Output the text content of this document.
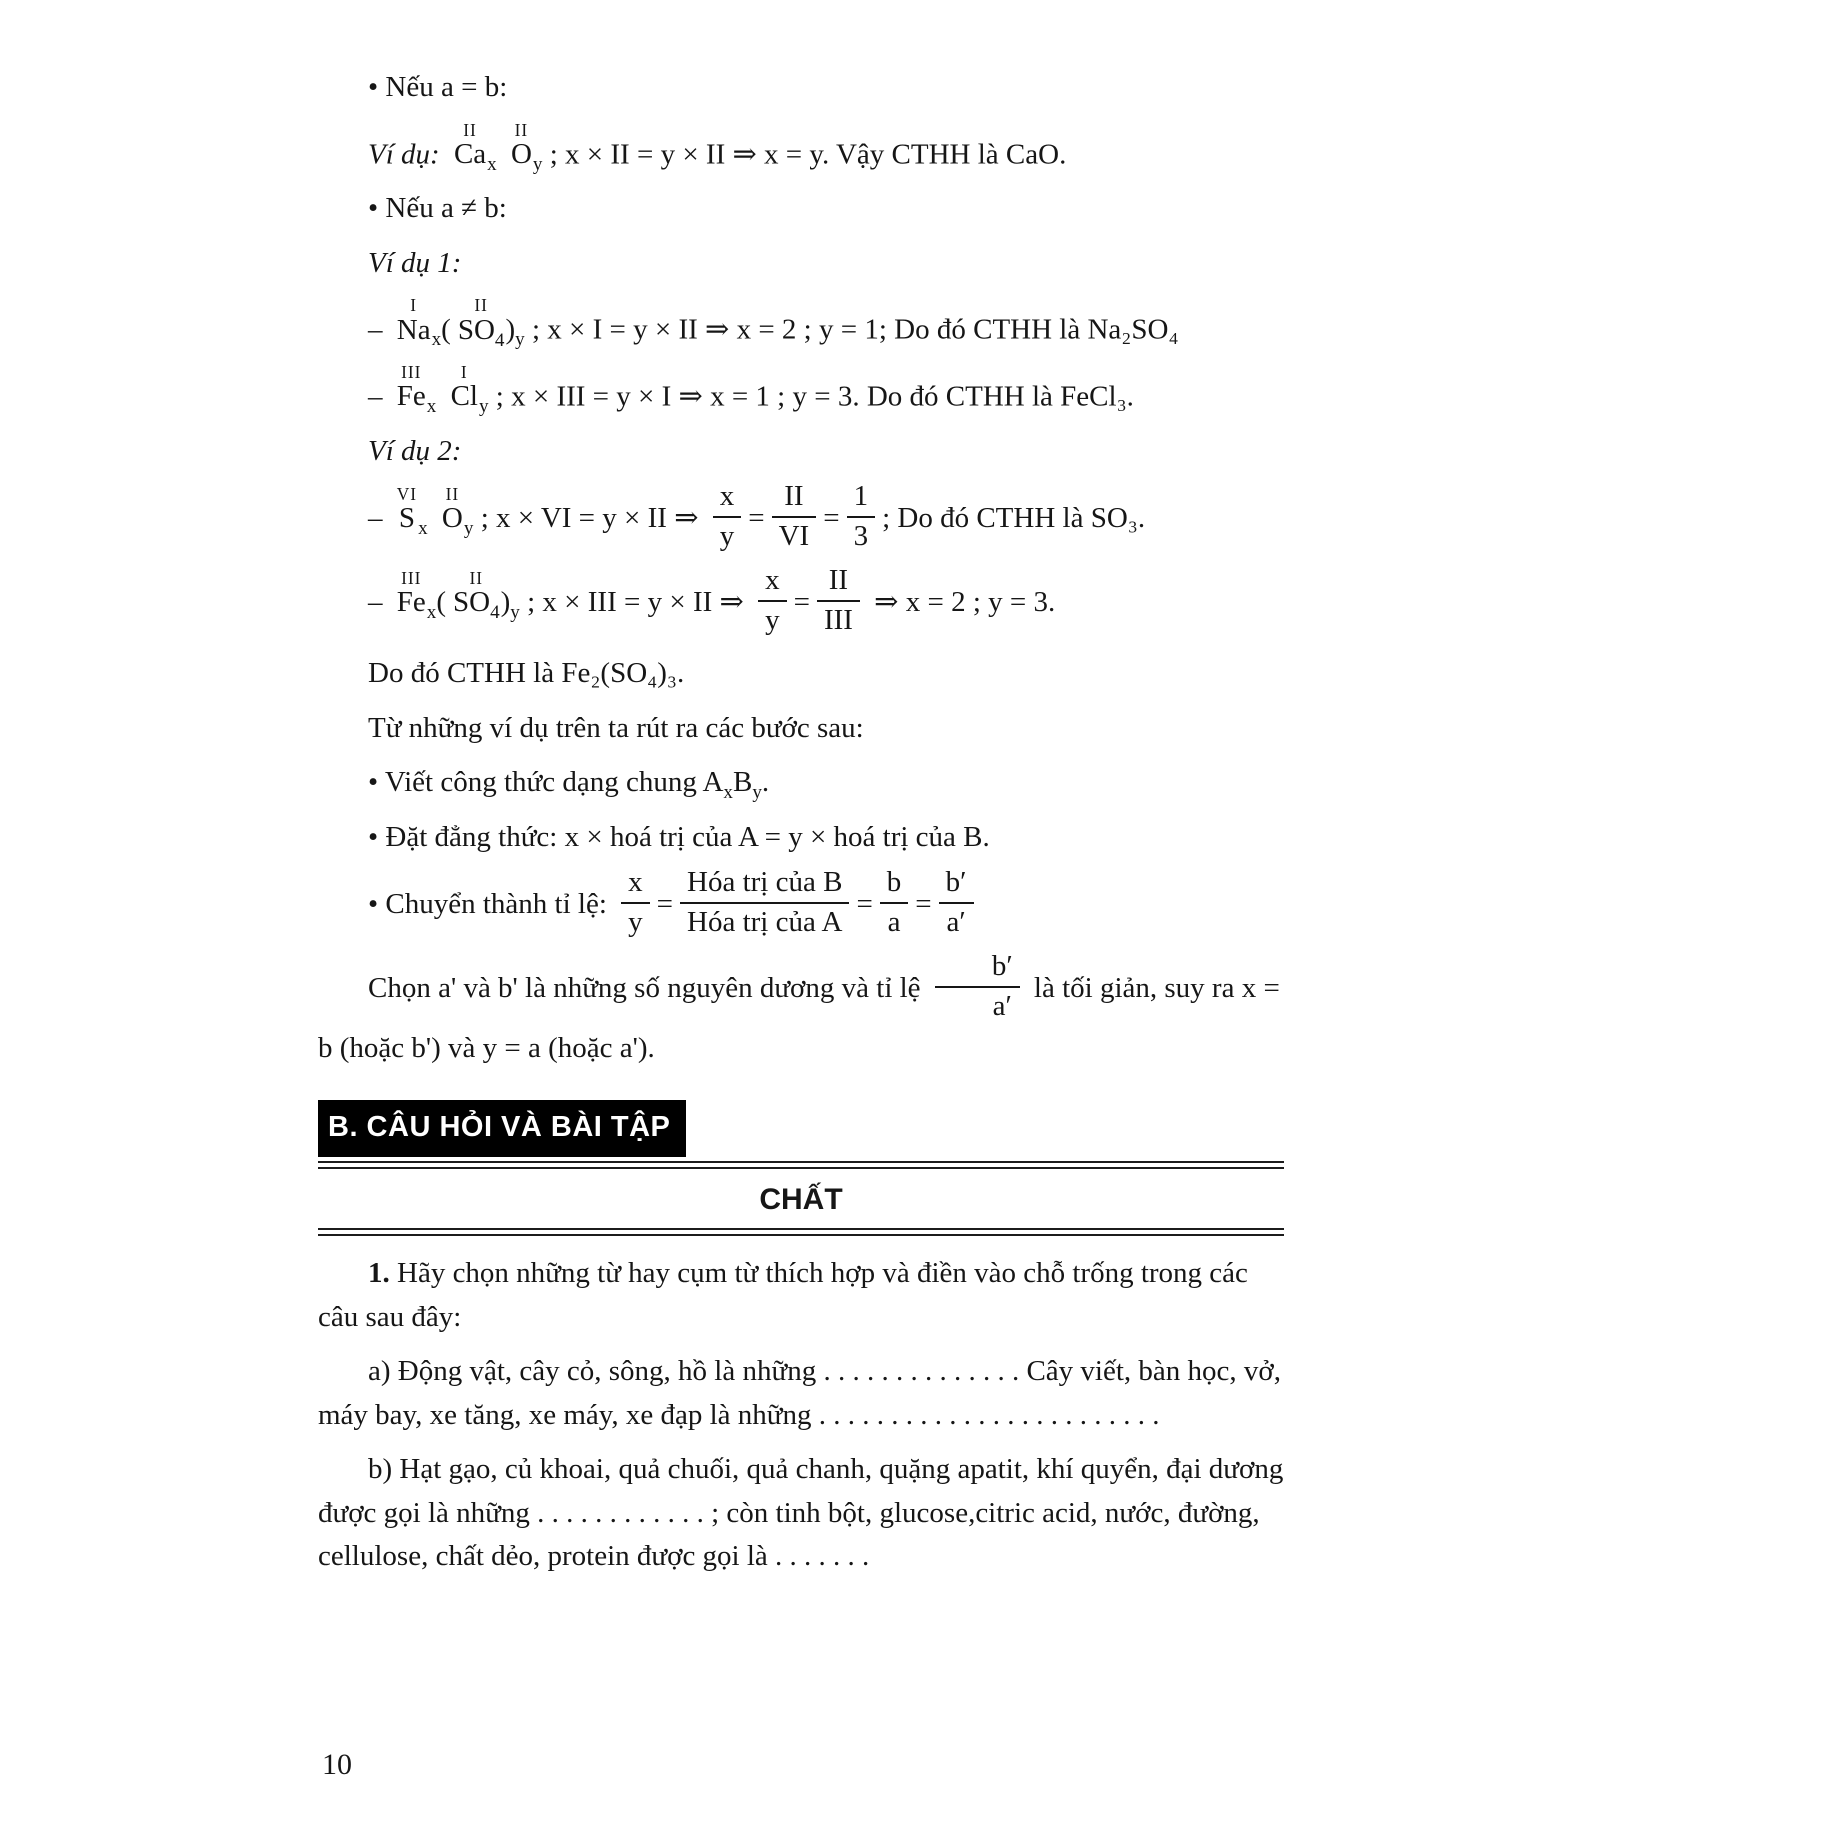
• Nếu a = b:

Ví dụ:
II
Ca $_x$
II
O $_y$ ; x × II = y × II ⇒ x = y. Vậy CTHH là CaO.

• Nếu a ≠ b:

Ví dụ 1:

–
I
Na $_x$(
II
$SO_4$ )$_y$ ; x × I = y × II ⇒ x = 2 ; y = 1; Do đó CTHH là Na₂SO₄

–
III
Fe $_x$
I
Cl $_y$ ; x × III = y × I ⇒ x = 1 ; y = 3. Do đó CTHH là FeCl₃.

Ví dụ 2:

–
VI
S $_x$
II
O $_y$ ; x × VI = y × II ⇒ $\frac{x}{y} = \frac{II}{VI} = \frac{1}{3}$ ; Do đó CTHH là SO₃.

–
III
Fe $_x$(
II
$SO_4$ )$_y$ ; x × III = y × II ⇒ $\frac{x}{y} = \frac{II}{\text{III}}$ ⇒ x = 2 ; y = 3.

Do đó CTHH là Fe₂(SO₄)₃.

Từ những ví dụ trên ta rút ra các bước sau:

• Viết công thức dạng chung $A_xB_y$.

• Đặt đẳng thức: x × hoá trị của A = y × hoá trị của B.

• Chuyển thành tỉ lệ: $\frac{x}{y} = \frac{\text{Hóa trị của B}}{\text{Hóa trị của A}} = \frac{b}{a} = \frac{b'}{a'}$

Chọn a' và b' là những số nguyên dương và tỉ lệ $\frac{b'}{a'}$ là tối giản, suy ra x = b (hoặc b') và y = a (hoặc a').

B. CÂU HỎI VÀ BÀI TẬP
CHẤT

1. Hãy chọn những từ hay cụm từ thích hợp và điền vào chỗ trống trong các câu sau đây:

a) Động vật, cây cỏ, sông, hồ là những . . . . . . . . . . . . . . Cây viết, bàn học, vở, máy bay, xe tăng, xe máy, xe đạp là những . . . . . . . . . . . . . . . . . . . . . . . .

b) Hạt gạo, củ khoai, quả chuối, quả chanh, quặng apatit, khí quyển, đại dương được gọi là những . . . . . . . . . . . . ; còn tinh bột, glucose,citric acid, nước, đường, cellulose, chất dẻo, protein được gọi là . . . . . . .

10
